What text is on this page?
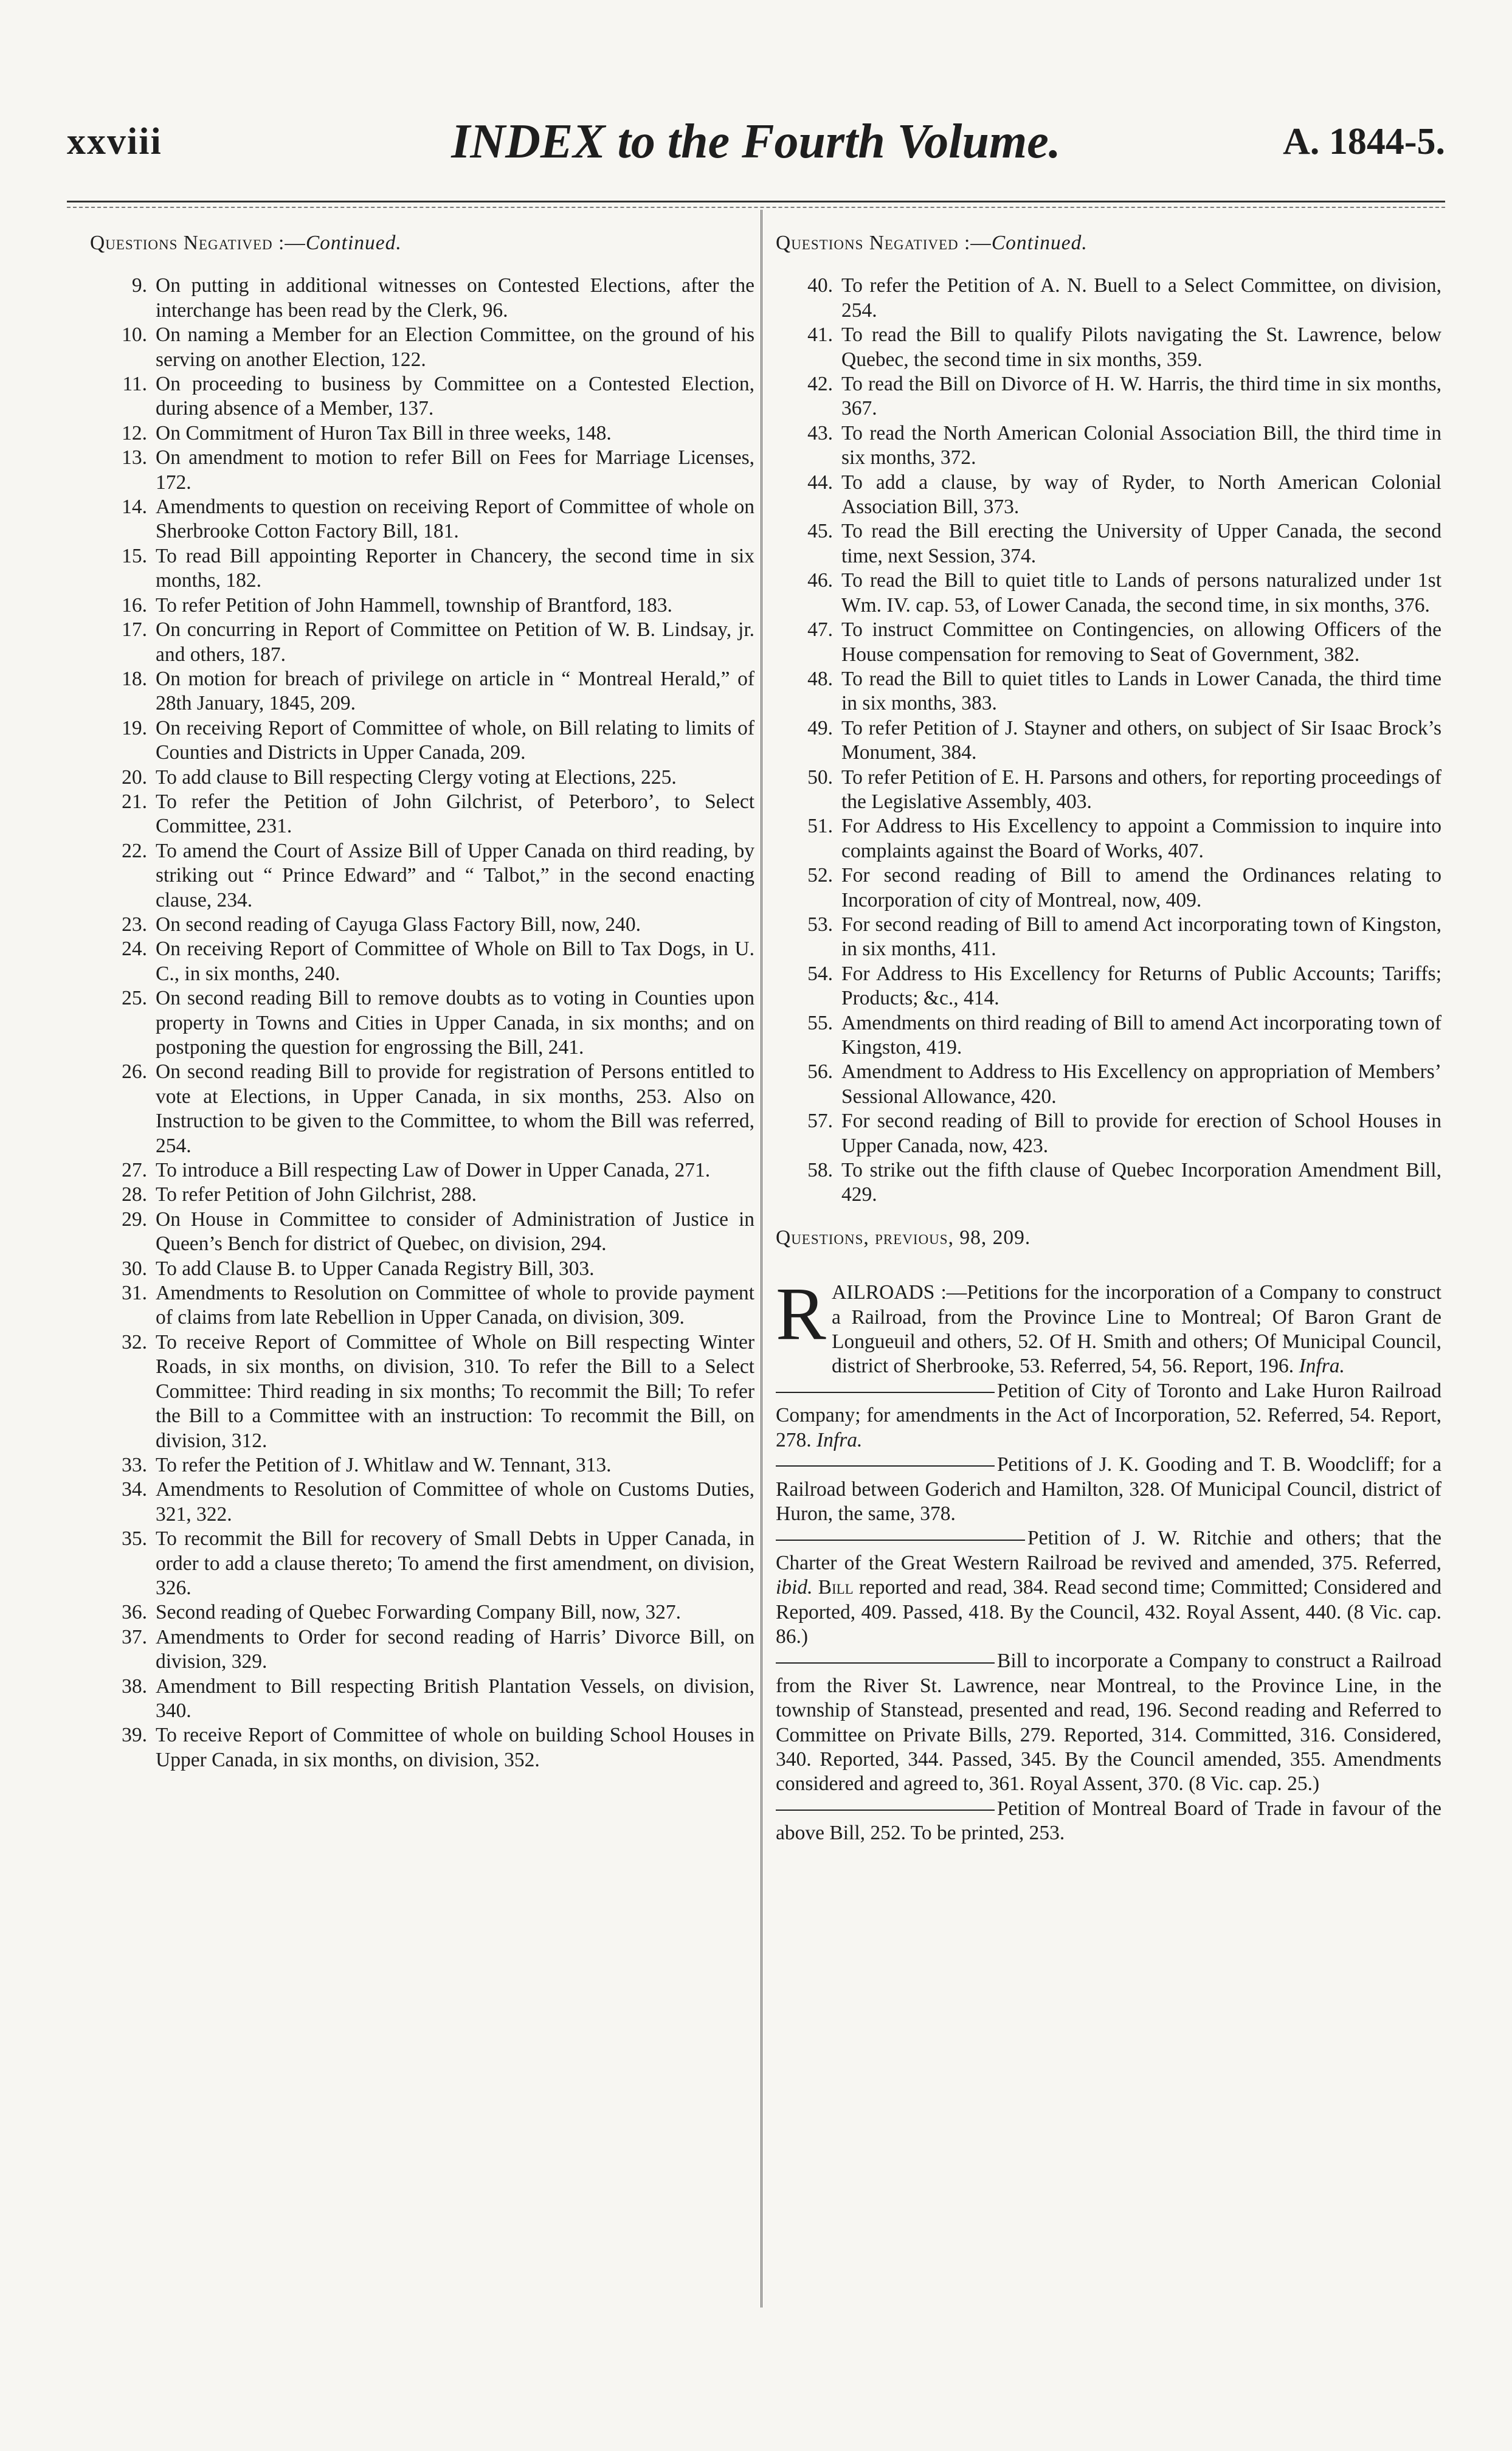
xxviii	INDEX to the Fourth Volume.	A. 1844-5.
Questions Negatived :—Continued.
9. On putting in additional witnesses on Contested Elections, after the interchange has been read by the Clerk, 96.
10. On naming a Member for an Election Committee, on the ground of his serving on another Election, 122.
11. On proceeding to business by Committee on a Contested Election, during absence of a Member, 137.
12. On Commitment of Huron Tax Bill in three weeks, 148.
13. On amendment to motion to refer Bill on Fees for Marriage Licenses, 172.
14. Amendments to question on receiving Report of Committee of whole on Sherbrooke Cotton Factory Bill, 181.
15. To read Bill appointing Reporter in Chancery, the second time in six months, 182.
16. To refer Petition of John Hammell, township of Brantford, 183.
17. On concurring in Report of Committee on Petition of W. B. Lindsay, jr. and others, 187.
18. On motion for breach of privilege on article in “ Montreal Herald,” of 28th January, 1845, 209.
19. On receiving Report of Committee of whole, on Bill relating to limits of Counties and Districts in Upper Canada, 209.
20. To add clause to Bill respecting Clergy voting at Elections, 225.
21. To refer the Petition of John Gilchrist, of Peterboro’, to Select Committee, 231.
22. To amend the Court of Assize Bill of Upper Canada on third reading, by striking out “ Prince Edward” and “ Talbot,” in the second enacting clause, 234.
23. On second reading of Cayuga Glass Factory Bill, now, 240.
24. On receiving Report of Committee of Whole on Bill to Tax Dogs, in U. C., in six months, 240.
25. On second reading Bill to remove doubts as to voting in Counties upon property in Towns and Cities in Upper Canada, in six months; and on postponing the question for engrossing the Bill, 241.
26. On second reading Bill to provide for registration of Persons entitled to vote at Elections, in Upper Canada, in six months, 253. Also on Instruction to be given to the Committee, to whom the Bill was referred, 254.
27. To introduce a Bill respecting Law of Dower in Upper Canada, 271.
28. To refer Petition of John Gilchrist, 288.
29. On House in Committee to consider of Administration of Justice in Queen’s Bench for district of Quebec, on division, 294.
30. To add Clause B. to Upper Canada Registry Bill, 303.
31. Amendments to Resolution on Committee of whole to provide payment of claims from late Rebellion in Upper Canada, on division, 309.
32. To receive Report of Committee of Whole on Bill respecting Winter Roads, in six months, on division, 310. To refer the Bill to a Select Committee: Third reading in six months; To recommit the Bill; To refer the Bill to a Committee with an instruction: To recommit the Bill, on division, 312.
33. To refer the Petition of J. Whitlaw and W. Tennant, 313.
34. Amendments to Resolution of Committee of whole on Customs Duties, 321, 322.
35. To recommit the Bill for recovery of Small Debts in Upper Canada, in order to add a clause thereto; To amend the first amendment, on division, 326.
36. Second reading of Quebec Forwarding Company Bill, now, 327.
37. Amendments to Order for second reading of Harris’ Divorce Bill, on division, 329.
38. Amendment to Bill respecting British Plantation Vessels, on division, 340.
39. To receive Report of Committee of whole on building School Houses in Upper Canada, in six months, on division, 352.
Questions Negatived :—Continued.
40. To refer the Petition of A. N. Buell to a Select Committee, on division, 254.
41. To read the Bill to qualify Pilots navigating the St. Lawrence, below Quebec, the second time in six months, 359.
42. To read the Bill on Divorce of H. W. Harris, the third time in six months, 367.
43. To read the North American Colonial Association Bill, the third time in six months, 372.
44. To add a clause, by way of Ryder, to North American Colonial Association Bill, 373.
45. To read the Bill erecting the University of Upper Canada, the second time, next Session, 374.
46. To read the Bill to quiet title to Lands of persons naturalized under 1st Wm. IV. cap. 53, of Lower Canada, the second time, in six months, 376.
47. To instruct Committee on Contingencies, on allowing Officers of the House compensation for removing to Seat of Government, 382.
48. To read the Bill to quiet titles to Lands in Lower Canada, the third time in six months, 383.
49. To refer Petition of J. Stayner and others, on subject of Sir Isaac Brock’s Monument, 384.
50. To refer Petition of E. H. Parsons and others, for reporting proceedings of the Legislative Assembly, 403.
51. For Address to His Excellency to appoint a Commission to inquire into complaints against the Board of Works, 407.
52. For second reading of Bill to amend the Ordinances relating to Incorporation of city of Montreal, now, 409.
53. For second reading of Bill to amend Act incorporating town of Kingston, in six months, 411.
54. For Address to His Excellency for Returns of Public Accounts; Tariffs; Products; &c., 414.
55. Amendments on third reading of Bill to amend Act incorporating town of Kingston, 419.
56. Amendment to Address to His Excellency on appropriation of Members’ Sessional Allowance, 420.
57. For second reading of Bill to provide for erection of School Houses in Upper Canada, now, 423.
58. To strike out the fifth clause of Quebec Incorporation Amendment Bill, 429.
Questions, previous, 98, 209.

R AILROADS :—Petitions for the incorporation of a Company to construct a Railroad, from the Province Line to Montreal; Of Baron Grant de Longueuil and others, 52. Of H. Smith and others; Of Municipal Council, district of Sherbrooke, 53. Referred, 54, 56. Report, 196. Infra.

Petition of City of Toronto and Lake Huron Railroad Company; for amendments in the Act of Incorporation, 52. Referred, 54. Report, 278. Infra.

Petitions of J. K. Gooding and T. B. Woodcliff; for a Railroad between Goderich and Hamilton, 328. Of Municipal Council, district of Huron, the same, 378.

Petition of J. W. Ritchie and others; that the Charter of the Great Western Railroad be revived and amended, 375. Referred, ibid. Bill reported and read, 384. Read second time; Committed; Considered and Reported, 409. Passed, 418. By the Council, 432. Royal Assent, 440. (8 Vic. cap. 86.)

Bill to incorporate a Company to construct a Railroad from the River St. Lawrence, near Montreal, to the Province Line, in the township of Stanstead, presented and read, 196. Second reading and Referred to Committee on Private Bills, 279. Reported, 314. Committed, 316. Considered, 340. Reported, 344. Passed, 345. By the Council amended, 355. Amendments considered and agreed to, 361. Royal Assent, 370. (8 Vic. cap. 25.)

Petition of Montreal Board of Trade in favour of the above Bill, 252. To be printed, 253.
